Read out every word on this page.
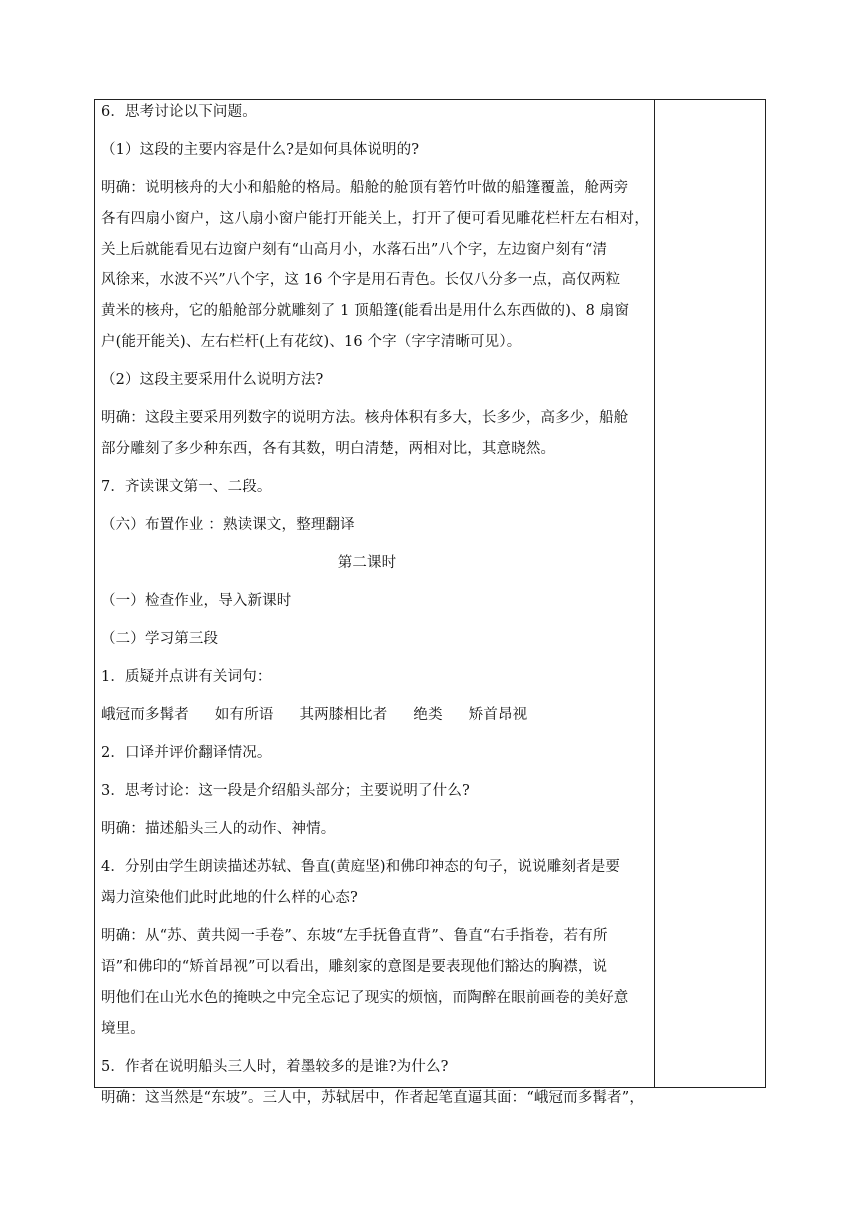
6．思考讨论以下问题。
（1）这段的主要内容是什么?是如何具体说明的?
明确：说明核舟的大小和船舱的格局。船舱的舱顶有箬竹叶做的船篷覆盖，舱两旁
各有四扇小窗户，这八扇小窗户能打开能关上，打开了便可看见雕花栏杆左右相对，
关上后就能看见右边窗户刻有“山高月小，水落石出”八个字，左边窗户刻有“清
风徐来，水波不兴”八个字，这 16 个字是用石青色。长仅八分多一点，高仅两粒
黄米的核舟，它的船舱部分就雕刻了 1 顶船篷(能看出是用什么东西做的)、8 扇窗
户(能开能关)、左右栏杆(上有花纹)、16 个字（字字清晰可见）。
（2）这段主要采用什么说明方法?
明确：这段主要采用列数字的说明方法。核舟体积有多大，长多少，高多少，船舱
部分雕刻了多少种东西，各有其数，明白清楚，两相对比，其意晓然。
7．齐读课文第一、二段。
（六）布置作业 ：熟读课文，整理翻译
第二课时
（一）检查作业，导入新课时
（二）学习第三段
1．质疑并点讲有关词句：
峨冠而多髯者 如有所语 其两膝相比者 绝类 矫首昂视
2．口译并评价翻译情况。
3．思考讨论：这一段是介绍船头部分；主要说明了什么?
明确：描述船头三人的动作、神情。
4．分别由学生朗读描述苏轼、鲁直(黄庭坚)和佛印神态的句子，说说雕刻者是要
竭力渲染他们此时此地的什么样的心态?
明确：从“苏、黄共阅一手卷”、东坡“左手抚鲁直背”、鲁直“右手指卷，若有所
语”和佛印的“矫首昂视”可以看出，雕刻家的意图是要表现他们豁达的胸襟，说
明他们在山光水色的掩映之中完全忘记了现实的烦恼，而陶醉在眼前画卷的美好意
境里。
5．作者在说明船头三人时，着墨较多的是谁?为什么?
明确：这当然是“东坡”。三人中，苏轼居中，作者起笔直逼其面：“峨冠而多髯者”，
